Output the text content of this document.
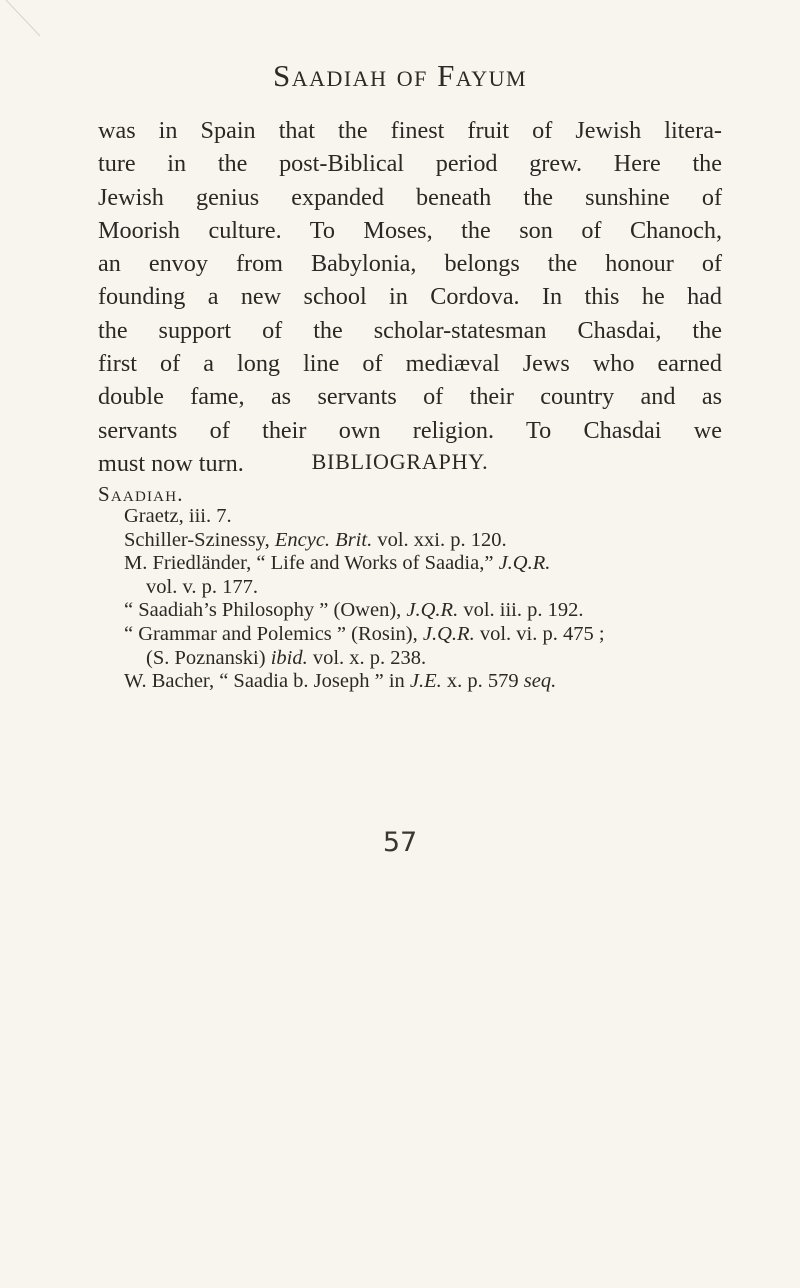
Saadiah of Fayum
was in Spain that the finest fruit of Jewish litera-
ture in the post-Biblical period grew. Here the
Jewish genius expanded beneath the sunshine of
Moorish culture. To Moses, the son of Chanoch,
an envoy from Babylonia, belongs the honour of
founding a new school in Cordova. In this he had
the support of the scholar-statesman Chasdai, the
first of a long line of mediæval Jews who earned
double fame, as servants of their country and as
servants of their own religion. To Chasdai we
must now turn.	BIBLIOGRAPHY.
Saadiah.
Graetz, iii. 7.
Schiller-Szinessy, Encyc. Brit. vol. xxi. p. 120.
M. Friedländer, “ Life and Works of Saadia,” J.Q.R.
vol. v. p. 177.
“ Saadiah’s Philosophy ” (Owen), J.Q.R. vol. iii. p. 192.
“ Grammar and Polemics ” (Rosin), J.Q.R. vol. vi. p. 475 ;
(S. Poznanski) ibid. vol. x. p. 238.
W. Bacher, “ Saadia b. Joseph ” in J.E. x. p. 579 seq.
57
